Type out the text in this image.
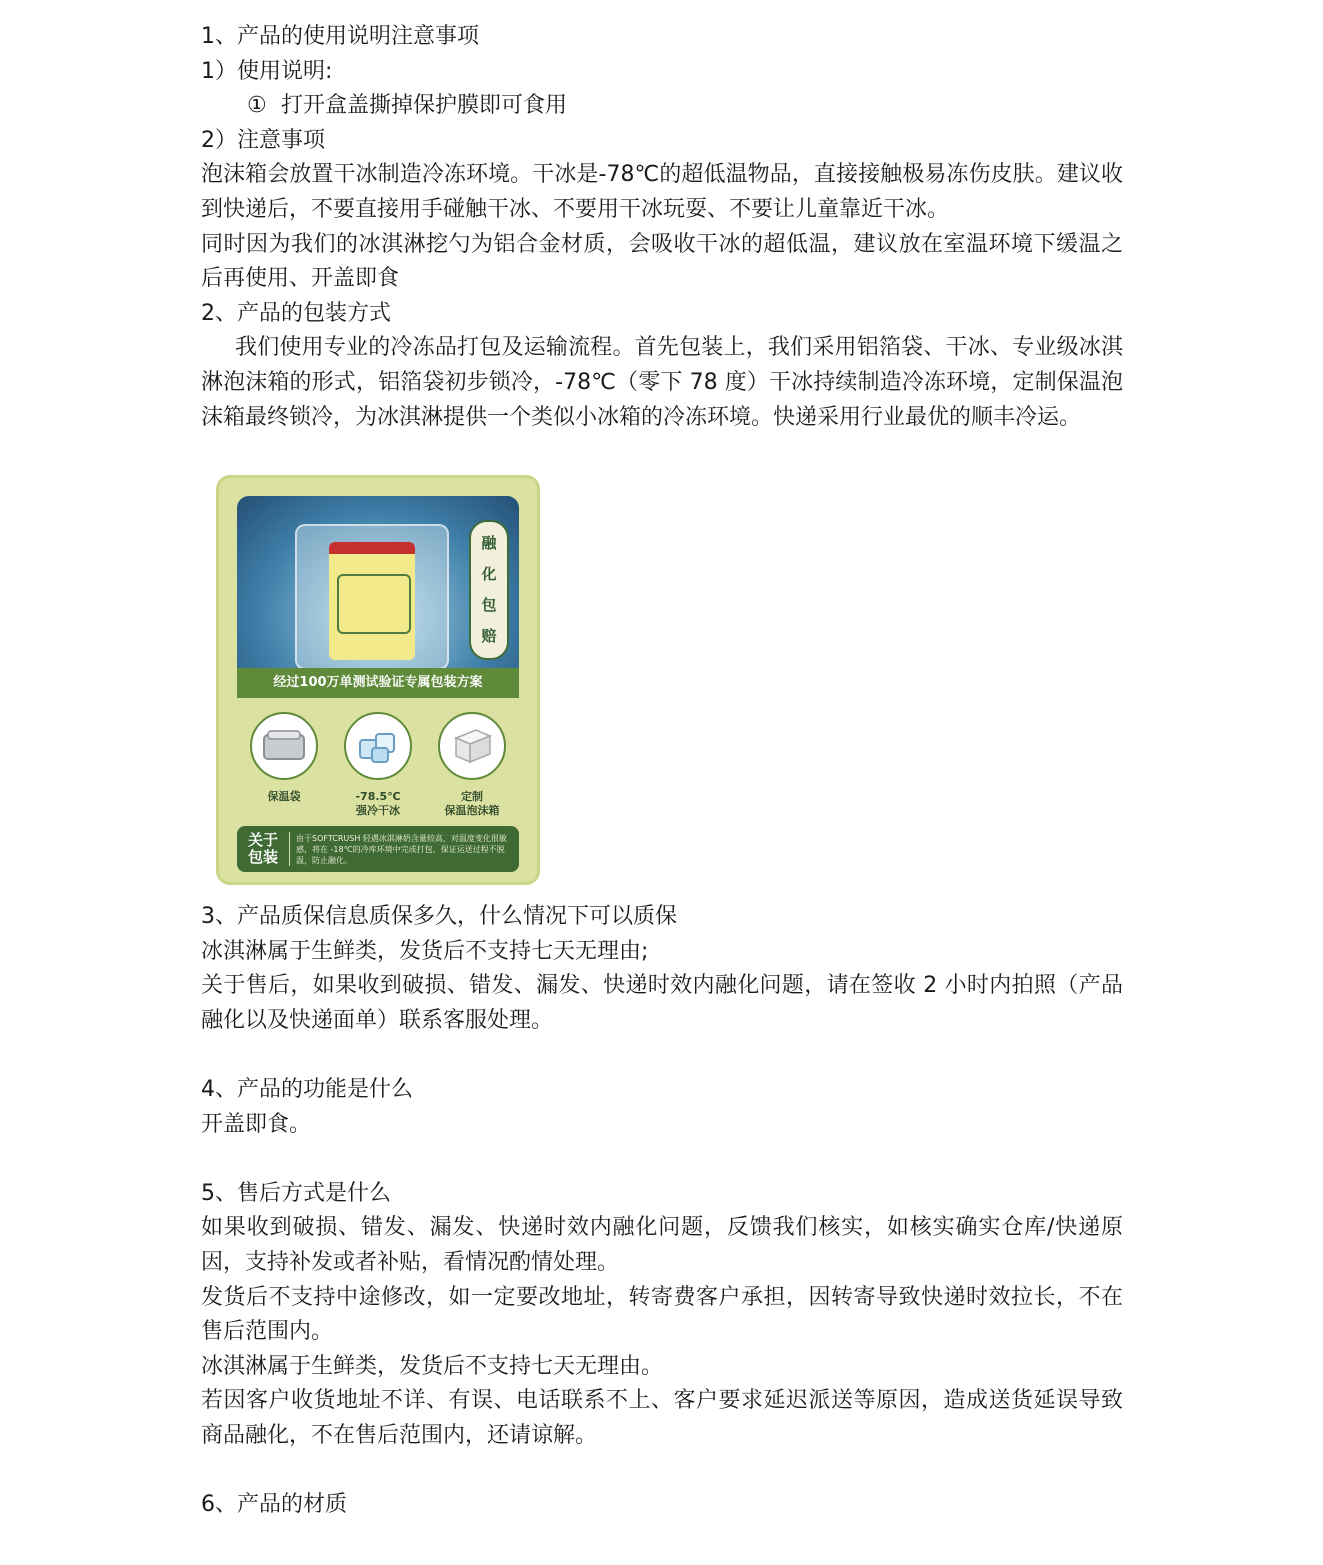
1、产品的使用说明注意事项

1）使用说明:

① 打开盒盖撕掉保护膜即可食用

2）注意事项

泡沫箱会放置干冰制造冷冻环境。干冰是-78℃的超低温物品，直接接触极易冻伤皮肤。建议收到快递后，不要直接用手碰触干冰、不要用干冰玩耍、不要让儿童靠近干冰。

同时因为我们的冰淇淋挖勺为铝合金材质，会吸收干冰的超低温，建议放在室温环境下缓温之后再使用、开盖即食

2、产品的包装方式

我们使用专业的冷冻品打包及运输流程。首先包装上，我们采用铝箔袋、干冰、专业级冰淇淋泡沫箱的形式，铝箔袋初步锁冷，-78℃（零下 78 度）干冰持续制造冷冻环境，定制保温泡沫箱最终锁冷，为冰淇淋提供一个类似小冰箱的冷冻环境。快递采用行业最优的顺丰冷运。

融
化
包
赔
经过100万单测试验证专属包装方案
保温袋	-78.5℃
强冷干冰
定制
保温泡沫箱
关于
包装
由于SOFTCRUSH 轻遇冰淇淋奶含量较高，对温度变化很敏感，将在 -18℃的冷库环境中完成打包，保证运送过程不脱温，防止融化。

3、产品质保信息质保多久，什么情况下可以质保

冰淇淋属于生鲜类，发货后不支持七天无理由;

关于售后，如果收到破损、错发、漏发、快递时效内融化问题，请在签收 2 小时内拍照（产品融化以及快递面单）联系客服处理。

4、产品的功能是什么

开盖即食。

5、售后方式是什么

如果收到破损、错发、漏发、快递时效内融化问题，反馈我们核实，如核实确实仓库/快递原因，支持补发或者补贴，看情况酌情处理。

发货后不支持中途修改，如一定要改地址，转寄费客户承担，因转寄导致快递时效拉长，不在售后范围内。

冰淇淋属于生鲜类，发货后不支持七天无理由。

若因客户收货地址不详、有误、电话联系不上、客户要求延迟派送等原因，造成送货延误导致商品融化，不在售后范围内，还请谅解。

6、产品的材质
